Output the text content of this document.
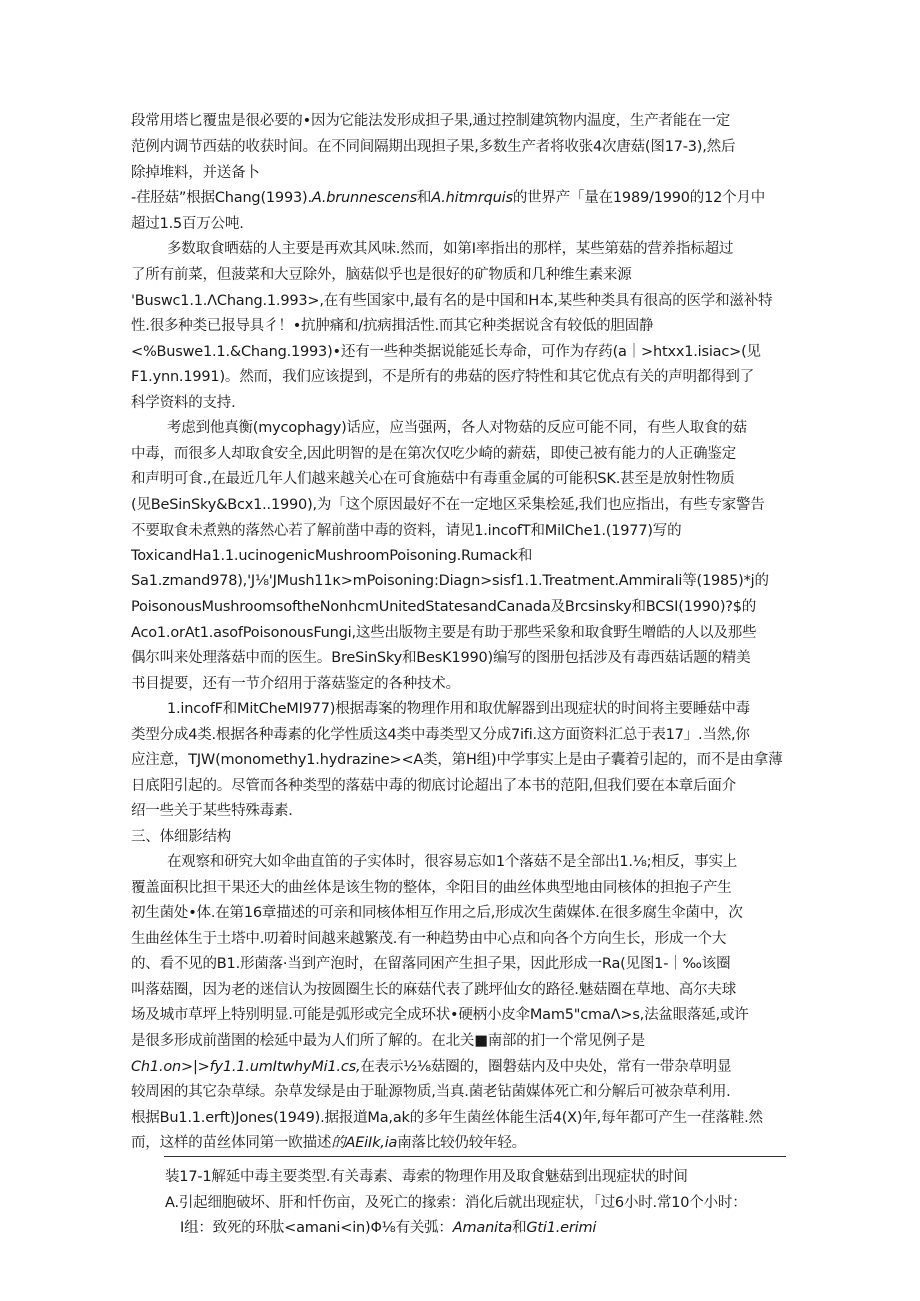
段常用塔匕覆盅是很必要的•因为它能法发形成担子果,通过控制建筑物内温度，生产者能在一定
范例内调节西菇的收获时间。在不同间隔期出现担子果,多数生产者将收张4次唐菇(图17-3),然后
除掉堆料，并送备卜
-荏胫菇”根据Chang(1993).A.brunnescens和A.hitmrquis的世界产「量在1989/1990的12个月中
超过1.5百万公吨.
多数取食晒菇的人主要是再欢其风味.然而，如第I率指出的那样，某些第菇的营养指标超过
了所有前菜，但菠菜和大豆除外，脑菇似乎也是很好的矿物质和几种维生素来源
'Buswc1.1.ΛChang.1.993>,在有些国家中,最有名的是中国和H本,某些种类具有很高的医学和滋补特
性.很多种类已报导具彳！•抗肿痛和/抗病揖活性.而其它种类据说含有较低的胆固静
<%Buswe1.1.&Chang.1993)•还有一些种类据说能延长寿命，可作为存药(a｜>htxx1.isiac>(见
F1.ynn.1991)。然而，我们应该提到，不是所有的弗菇的医疗特性和其它优点有关的声明都得到了
科学资料的支持.
考虑到他真衡(mycophagy)话应，应当强两，各人对物菇的反应可能不同，有些人取食的菇
中毒，而很多人却取食安全,因此明智的是在第次仅吃少崎的薪菇，即使己被有能力的人正确鉴定
和声明可食.,在最近几年人们越来越关心在可食施菇中有毒重金属的可能积SK.甚至是放射性物质
(见BeSinSky&Bcx1..1990),为「这个原因最好不在一定地区采集桧延,我们也应指出，有些专家警告
不要取食未煮熟的落然心若了解前凿中毒的资料，请见1.incofT和MilChe1.(1977)写的
ToxicandHa1.1.ucinogenicMushroomPoisoning.Rumack和
Sa1.zmand978),'J⅛'JMush11κ>mPoisoning:Diagn>sisf1.1.Treatment.Ammirali等(1985)*j的
PoisonousMushroomsoftheNonhcmUnitedStatesandCanada及Brcsinsky和BCSI(1990)?$的
Aco1.orAt1.asofPoisonousFungi,这些出版物主要是有助于那些采象和取食野生噌皓的人以及那些
偶尔叫来处理落菇中而的医生。BreSinSky和BesK1990)编写的图册包括涉及有毒西菇话题的精美
书目提要，还有一节介绍用于落菇鉴定的各种技术。
1.incofF和MitCheMI977)根据毒案的物理作用和取优解器到出现症状的时间将主要睡菇中毒
类型分成4类.根据各种毒素的化学性质这4类中毒类型又分成7ifi.这方面资料汇总于表17」.当然,你
应注意，TJW(monomethy1.hydrazine><A类，第H组)中学事实上是由子囊着引起的，而不是由拿薄
日底阳引起的。尽管而各种类型的落菇中毒的彻底讨论超出了本书的范阳,但我们要在本章后面介
绍一些关于某些特殊毒素.
三、体细影结构
在观察和研究大如伞曲直笛的子实体时，很容易忘如1个落菇不是全部出1.⅛;相反，事实上
覆盖面积比担干果还大的曲丝体是该生物的整体，伞阳目的曲丝体典型地由同核体的担抱子产生
初生菌处•体.在第16章描述的可亲和同核体相互作用之后,形成次生菌媒体.在很多腐生伞菌中，次
生曲丝体生于土塔中.叨着时间越来越繁茂.有一种趋势由中心点和向各个方向生长，形成一个大
的、看不见的B1.形菌落·当到产泡时，在留落同困产生担子果，因此形成一Ra(见图1-｜‰该圈
叫落菇圈，因为老的迷信认为按圆圈生长的麻菇代表了跳坪仙女的路径.魅菇圈在草地、高尔夫球
场及城市草坪上特别明显.可能是弧形或完全成环状•硬柄小皮伞Mam5"cmaΛ>s,法盆眼落延,或许
是很多形成前凿圉的桧延中最为人们所了解的。在北关■南部的扪一个常见例子是
Ch1.on>|>fy1.1.umItwhyMi1.cs,在表示½⅛菇圈的，圈磐菇内及中央处，常有一带杂草明显
较周困的其它杂草绿。杂草发绿是由于耻源物质,当真.菌老钻菌媒体死亡和分解后可被杂草利用.
根据Bu1.1.erft)Jones(1949).据报道Ma,ak的多年生菌丝体能生活4(X)年,每年都可产生一荏落鞋.然
而，这样的苗丝体同第一欧描述的AEiIk,ia南落比较仍较年轻。
装17-1解延中毒主要类型.有关毒素、毒索的物理作用及取食魅菇到出现症状的时间
A.引起细胞破坏、肝和忏伤亩，及死亡的掾索：消化后就出现症状，「过6小时.常10个小时：
I组：致死的环肽<amani<in)Φ⅛有关弧：Amanita和Gti1.erimi
